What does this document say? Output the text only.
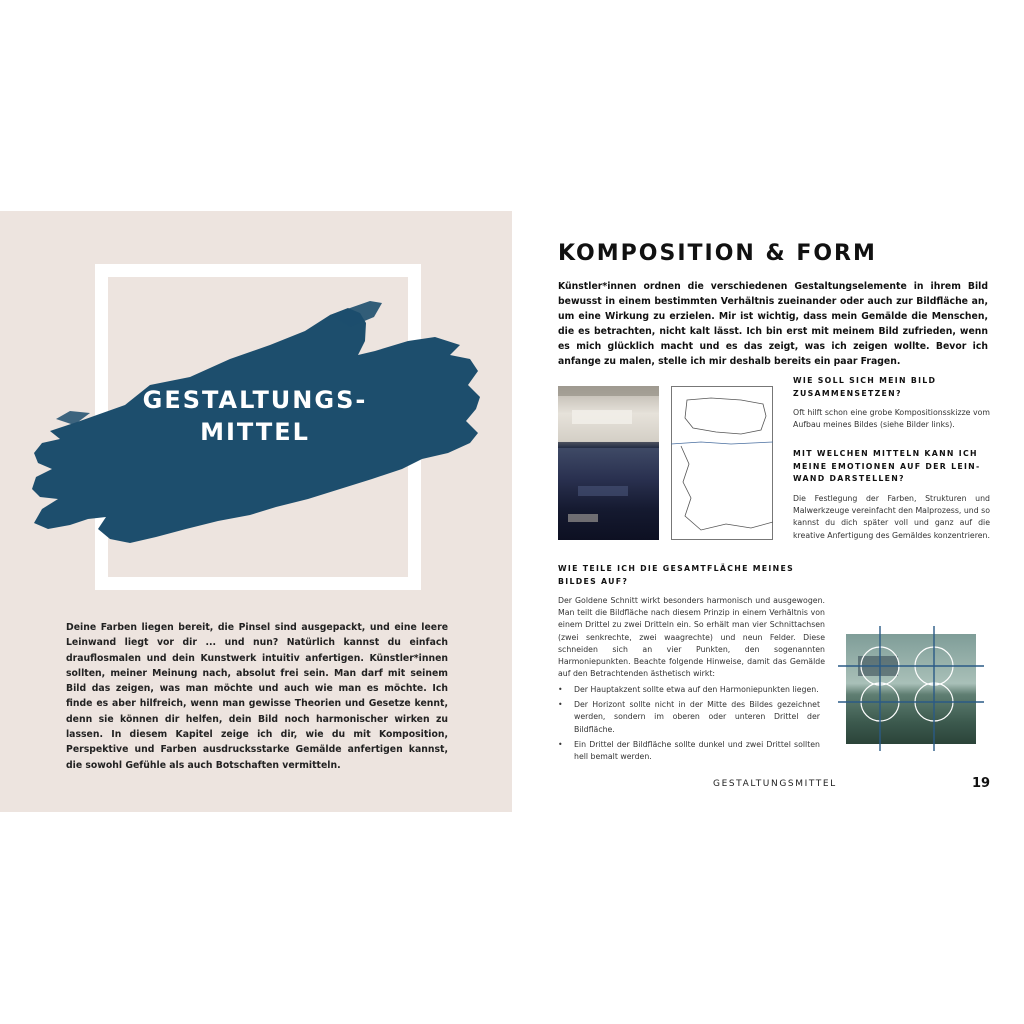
GESTALTUNGS-
MITTEL
Deine Farben liegen bereit, die Pinsel sind ausgepackt, und eine leere Leinwand liegt vor dir ... und nun? Natürlich kannst du einfach drauflosmalen und dein Kunstwerk intuitiv anfertigen. Künstler*innen sollten, meiner Meinung nach, absolut frei sein. Man darf mit seinem Bild das zeigen, was man möchte und auch wie man es möchte. Ich finde es aber hilfreich, wenn man gewisse Theorien und Gesetze kennt, denn sie können dir helfen, dein Bild noch harmonischer wirken zu lassen. In diesem Kapitel zeige ich dir, wie du mit Komposition, Perspektive und Farben ausdrucksstarke Gemälde anfertigen kannst, die sowohl Gefühle als auch Botschaften vermitteln.
KOMPOSITION & FORM
Künstler*innen ordnen die verschiedenen Gestaltungselemente in ihrem Bild bewusst in einem bestimmten Verhältnis zueinander oder auch zur Bildfläche an, um eine Wirkung zu erzielen. Mir ist wichtig, dass mein Gemälde die Menschen, die es betrachten, nicht kalt lässt. Ich bin erst mit meinem Bild zufrieden, wenn es mich glücklich macht und es das zeigt, was ich zeigen wollte. Bevor ich anfange zu malen, stelle ich mir deshalb bereits ein paar Fragen.
WIE SOLL SICH MEIN BILD ZUSAMMENSETZEN?
Oft hilft schon eine grobe Kompositionsskizze vom Aufbau meines Bildes (siehe Bilder links).
MIT WELCHEN MITTELN KANN ICH MEINE EMOTIONEN AUF DER LEIN-WAND DARSTELLEN?
Die Festlegung der Farben, Strukturen und Malwerkzeuge vereinfacht den Malprozess, und so kannst du dich später voll und ganz auf die kreative Anfertigung des Gemäldes konzentrieren.
WIE TEILE ICH DIE GESAMTFLÄCHE MEINES BILDES AUF?
Der Goldene Schnitt wirkt besonders harmonisch und ausgewogen. Man teilt die Bildfläche nach diesem Prinzip in einem Verhältnis von einem Drittel zu zwei Dritteln ein. So erhält man vier Schnittachsen (zwei senkrechte, zwei waagrechte) und neun Felder. Diese schneiden sich an vier Punkten, den sogenannten Harmoniepunkten. Beachte folgende Hinweise, damit das Gemälde auf den Betrachtenden ästhetisch wirkt:
• Der Hauptakzent sollte etwa auf den Harmoniepunkten liegen.
• Der Horizont sollte nicht in der Mitte des Bildes gezeichnet werden, sondern im oberen oder unteren Drittel der Bildfläche.
• Ein Drittel der Bildfläche sollte dunkel und zwei Drittel sollten hell bemalt werden.
GESTALTUNGSMITTEL	19
